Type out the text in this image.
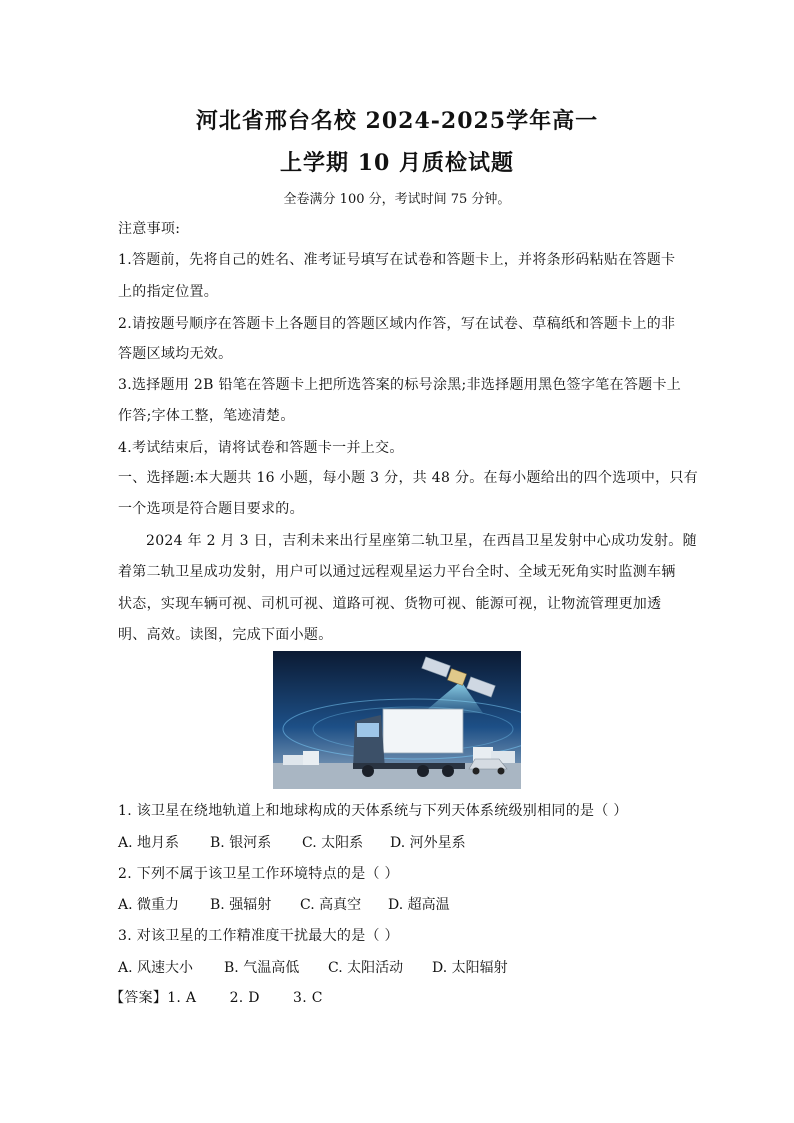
河北省邢台名校 2024-2025学年高一
上学期 10 月质检试题
全卷满分 100 分，考试时间 75 分钟。
注意事项:
1.答题前，先将自己的姓名、准考证号填写在试卷和答题卡上，并将条形码粘贴在答题卡
上的指定位置。
2.请按题号顺序在答题卡上各题目的答题区域内作答，写在试卷、草稿纸和答题卡上的非
答题区域均无效。
3.选择题用 2B 铅笔在答题卡上把所选答案的标号涂黑;非选择题用黑色签字笔在答题卡上
作答;字体工整，笔迹清楚。
4.考试结束后，请将试卷和答题卡一并上交。
一、选择题:本大题共 16 小题，每小题 3 分，共 48 分。在每小题给出的四个选项中，只有
一个选项是符合题目要求的。
2024 年 2 月 3 日，吉利未来出行星座第二轨卫星，在西昌卫星发射中心成功发射。随
着第二轨卫星成功发射，用户可以通过远程观星运力平台全时、全域无死角实时监测车辆
状态，实现车辆可视、司机可视、道路可视、货物可视、能源可视，让物流管理更加透
明、高效。读图，完成下面小题。
1. 该卫星在绕地轨道上和地球构成的天体系统与下列天体系统级别相同的是（ ）
A. 地月系 B. 银河系 C. 太阳系 D. 河外星系
2. 下列不属于该卫星工作环境特点的是（ ）
A. 微重力 B. 强辐射 C. 高真空 D. 超高温
3. 对该卫星的工作精准度干扰最大的是（ ）
A. 风速大小 B. 气温高低 C. 太阳活动 D. 太阳辐射
【答案】1. A       2. D       3. C
